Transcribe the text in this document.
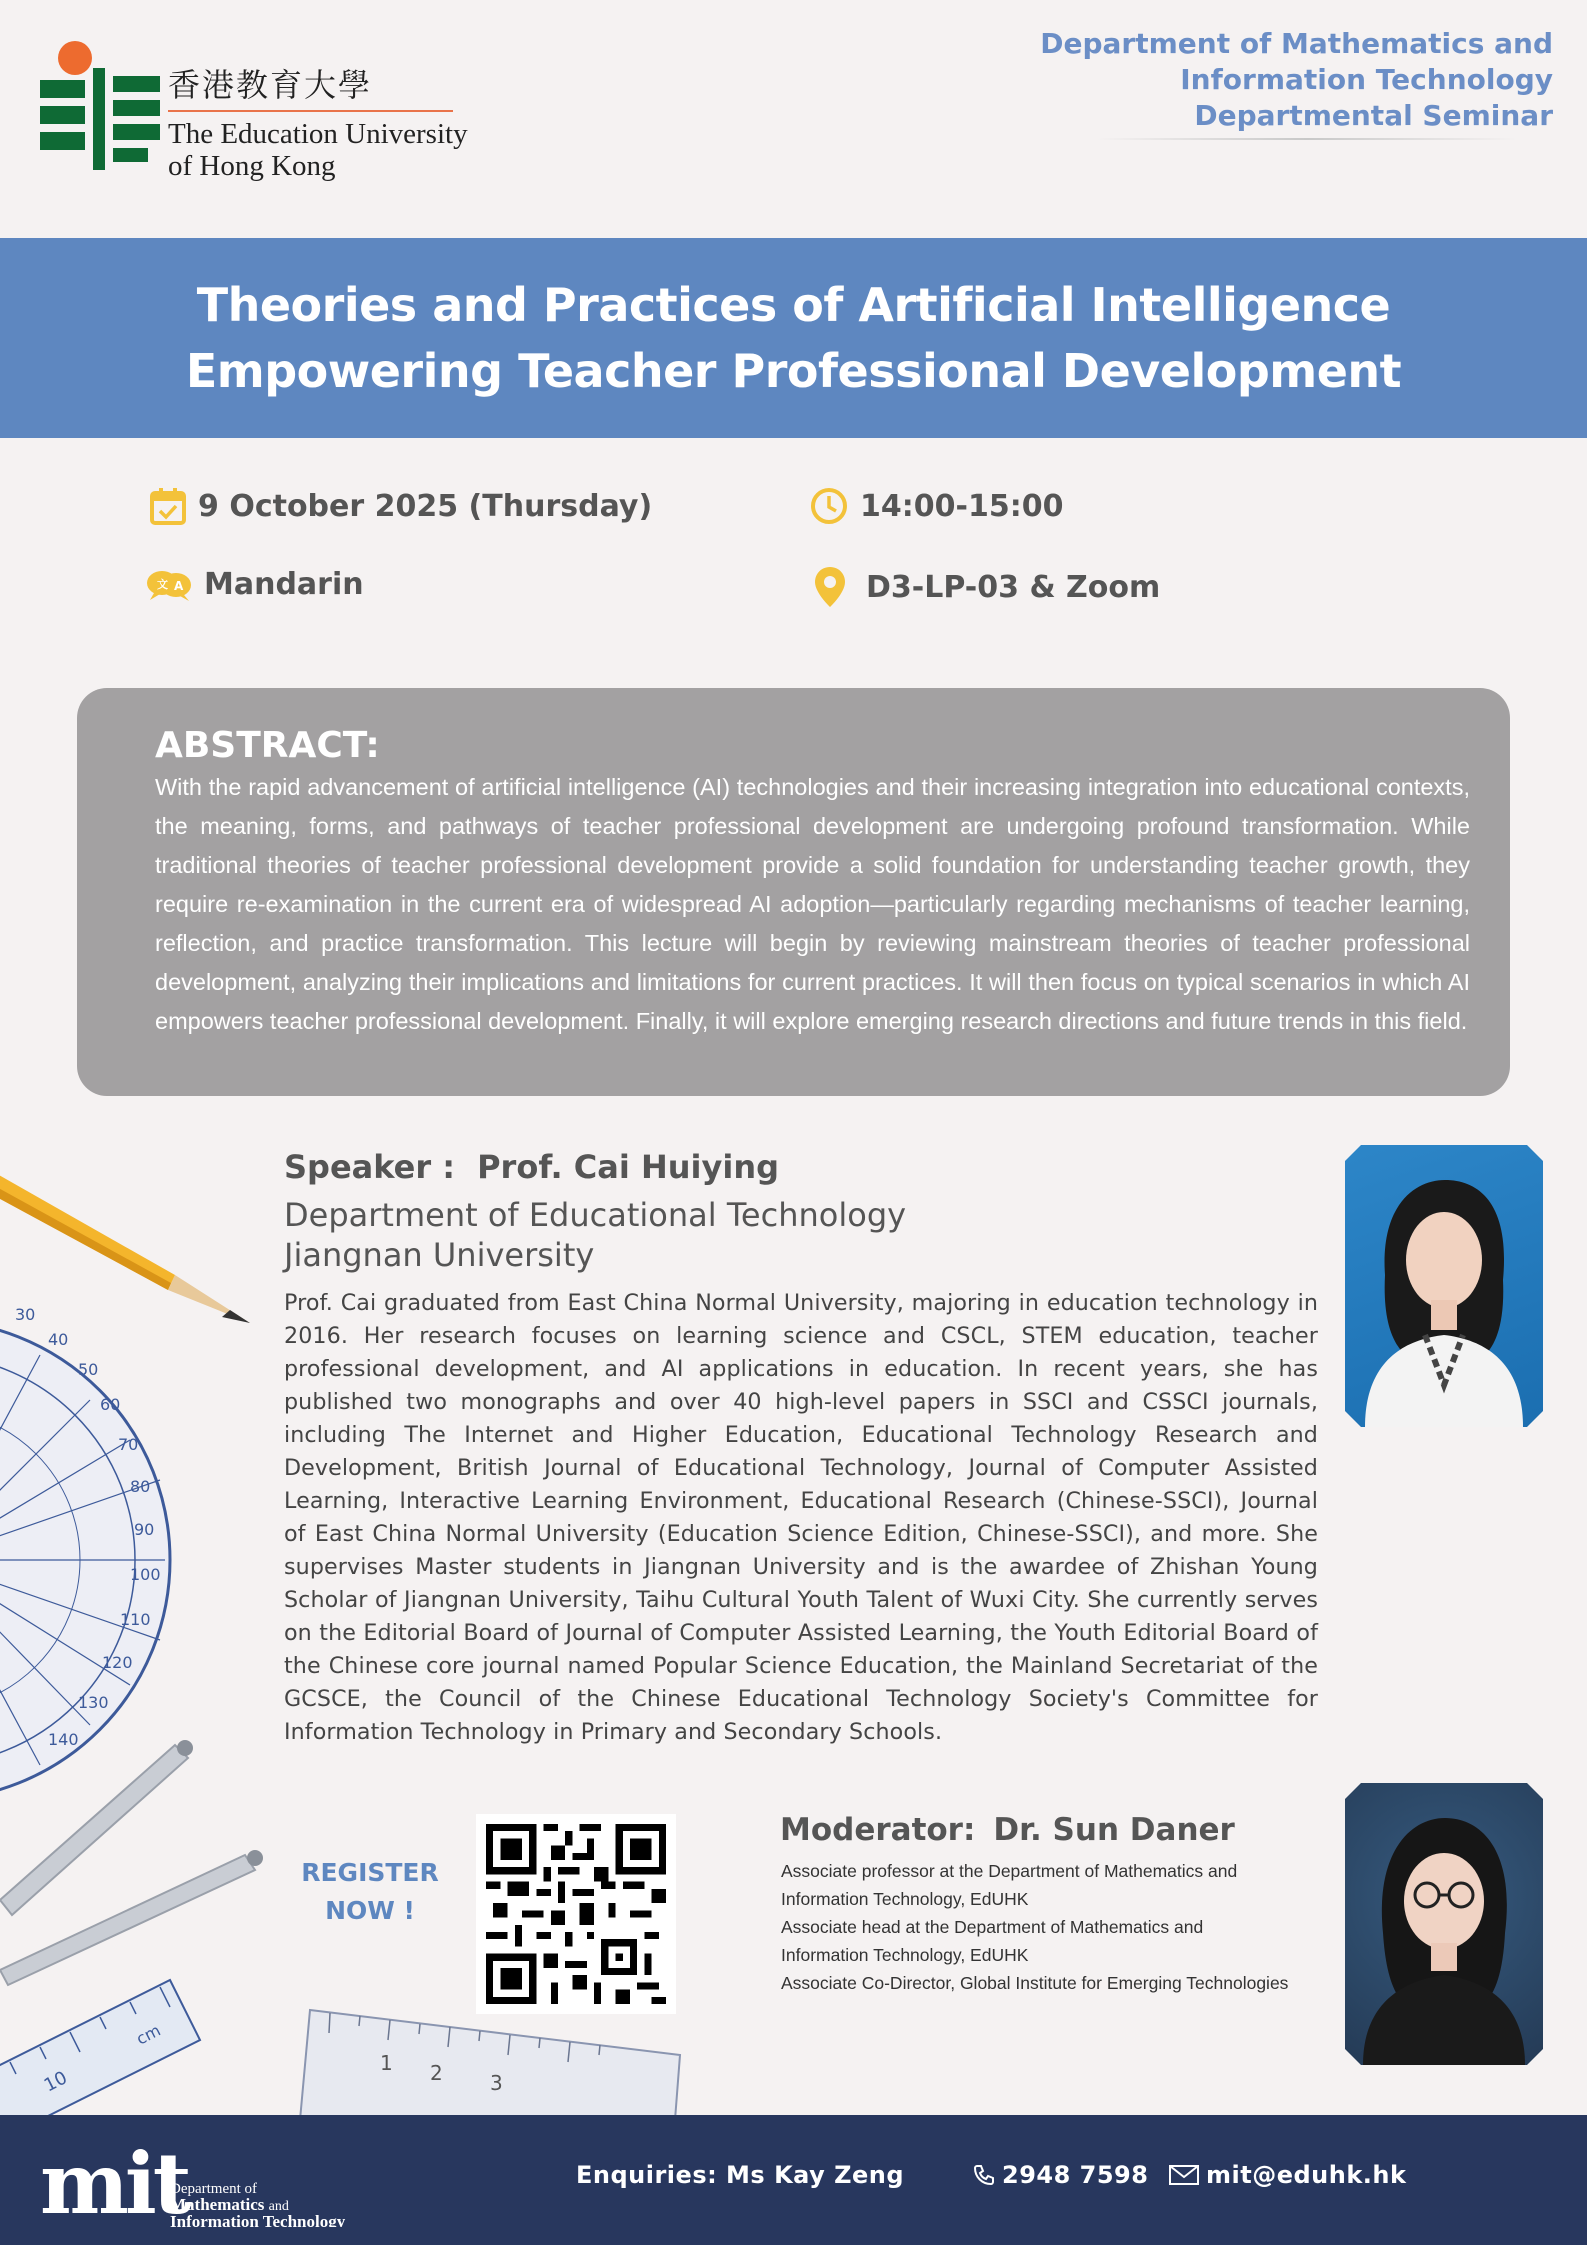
香港教育大學
The Education University
of Hong Kong
Department of Mathematics and
Information Technology
Departmental Seminar
Theories and Practices of Artificial Intelligence
Empowering Teacher Professional Development
9 October 2025 (Thursday)	14:00-15:00
文 A Mandarin	D3-LP-03 & Zoom
ABSTRACT:
With the rapid advancement of artificial intelligence (AI) technologies and their increasing integration into educational contexts, the meaning, forms, and pathways of teacher professional development are undergoing profound transformation. While traditional theories of teacher professional development provide a solid foundation for understanding teacher growth, they require re-examination in the current era of widespread AI adoption—particularly regarding mechanisms of teacher learning, reflection, and practice transformation. This lecture will begin by reviewing mainstream theories of teacher professional development, analyzing their implications and limitations for current practices. It will then focus on typical scenarios in which AI empowers teacher professional development. Finally, it will explore emerging research directions and future trends in this field.
30
40
50
60
70
80
90
100
110
120
130
140
10
cm
1 2 3
Speaker : Prof. Cai Huiying
Department of Educational Technology
Jiangnan University
Prof. Cai graduated from East China Normal University, majoring in education technology in 2016. Her research focuses on learning science and CSCL, STEM education, teacher professional development, and AI applications in education. In recent years, she has published two monographs and over 40 high-level papers in SSCI and CSSCI journals, including The Internet and Higher Education, Educational Technology Research and Development, British Journal of Educational Technology, Journal of Computer Assisted Learning, Interactive Learning Environment, Educational Research (Chinese-SSCI), Journal of East China Normal University (Education Science Edition, Chinese-SSCI), and more. She supervises Master students in Jiangnan University and is the awardee of Zhishan Young Scholar of Jiangnan University, Taihu Cultural Youth Talent of Wuxi City. She currently serves on the Editorial Board of Journal of Computer Assisted Learning, the Youth Editorial Board of the Chinese core journal named Popular Science Education, the Mainland Secretariat of the GCSCE, the Council of the Chinese Educational Technology Society's Committee for Information Technology in Primary and Secondary Schools.
REGISTER
NOW !
Moderator: Dr. Sun Daner
Associate professor at the Department of Mathematics and
Information Technology, EdUHK
Associate head at the Department of Mathematics and
Information Technology, EdUHK
Associate Co-Director, Global Institute for Emerging Technologies
mit
Department of
Mathematics and
Information Technology
Enquiries: Ms Kay Zeng	2948 7598 mit@eduhk.hk
